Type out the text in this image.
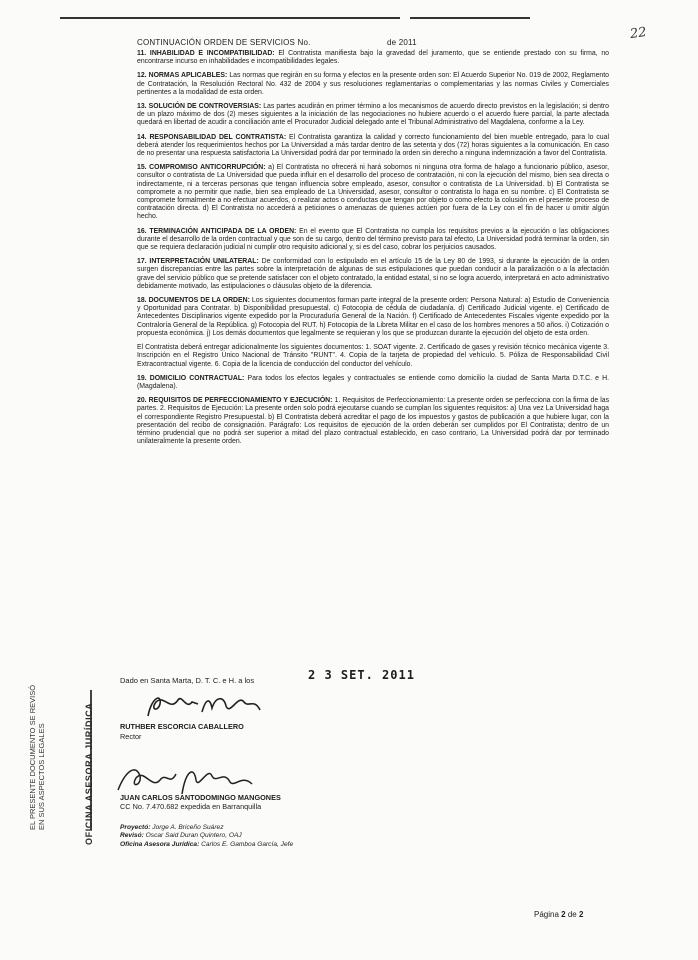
22
CONTINUACIÓN ORDEN DE SERVICIOS No.	de 2011

11. INHABILIDAD E INCOMPATIBILIDAD: El Contratista manifiesta bajo la gravedad del juramento, que se entiende prestado con su firma, no encontrarse incurso en inhabilidades e incompatibilidades legales.

12. NORMAS APLICABLES: Las normas que regirán en su forma y efectos en la presente orden son: El Acuerdo Superior No. 019 de 2002, Reglamento de Contratación, la Resolución Rectoral No. 432 de 2004 y sus resoluciones reglamentarias o complementarias y las normas Civiles y Comerciales pertinentes a la modalidad de esta orden.

13. SOLUCIÓN DE CONTROVERSIAS: Las partes acudirán en primer término a los mecanismos de acuerdo directo previstos en la legislación; si dentro de un plazo máximo de dos (2) meses siguientes a la iniciación de las negociaciones no hubiere acuerdo o el acuerdo fuere parcial, la parte afectada quedará en libertad de acudir a conciliación ante el Procurador Judicial delegado ante el Tribunal Administrativo del Magdalena, conforme a la Ley.

14. RESPONSABILIDAD DEL CONTRATISTA: El Contratista garantiza la calidad y correcto funcionamiento del bien mueble entregado, para lo cual deberá atender los requerimientos hechos por La Universidad a más tardar dentro de las setenta y dos (72) horas siguientes a la comunicación. En caso de no presentar una respuesta satisfactoria La Universidad podrá dar por terminado la orden sin derecho a ninguna indemnización a favor del Contratista.

15. COMPROMISO ANTICORRUPCIÓN: a) El Contratista no ofrecerá ni hará sobornos ni ninguna otra forma de halago a funcionario público, asesor, consultor o contratista de La Universidad que pueda influir en el desarrollo del proceso de contratación, ni con la ejecución del mismo, bien sea directa o indirectamente, ni a terceras personas que tengan influencia sobre empleado, asesor, consultor o contratista de La Universidad. b) El Contratista se compromete a no permitir que nadie, bien sea empleado de La Universidad, asesor, consultor o contratista lo haga en su nombre. c) El Contratista se compromete formalmente a no efectuar acuerdos, o realizar actos o conductas que tengan por objeto o como efecto la colusión en el presente proceso de contratación directa. d) El Contratista no accederá a peticiones o amenazas de quienes actúen por fuera de la Ley con el fin de hacer u omitir algún hecho.

16. TERMINACIÓN ANTICIPADA DE LA ORDEN: En el evento que El Contratista no cumpla los requisitos previos a la ejecución o las obligaciones durante el desarrollo de la orden contractual y que son de su cargo, dentro del término previsto para tal efecto, La Universidad podrá terminar la orden, sin que se requiera declaración judicial ni cumplir otro requisito adicional y, si es del caso, cobrar los perjuicios causados.

17. INTERPRETACIÓN UNILATERAL: De conformidad con lo estipulado en el artículo 15 de la Ley 80 de 1993, si durante la ejecución de la orden surgen discrepancias entre las partes sobre la interpretación de algunas de sus estipulaciones que puedan conducir a la paralización o a la afectación grave del servicio público que se pretende satisfacer con el objeto contratado, la entidad estatal, si no se logra acuerdo, interpretará en acto administrativo debidamente motivado, las estipulaciones o cláusulas objeto de la diferencia.

18. DOCUMENTOS DE LA ORDEN: Los siguientes documentos forman parte integral de la presente orden: Persona Natural: a) Estudio de Conveniencia y Oportunidad para Contratar. b) Disponibilidad presupuestal. c) Fotocopia de cédula de ciudadanía. d) Certificado Judicial vigente. e) Certificado de Antecedentes Disciplinarios vigente expedido por la Procuraduría General de la Nación. f) Certificado de Antecedentes Fiscales vigente expedido por la Contraloría General de la República. g) Fotocopia del RUT. h) Fotocopia de la Libreta Militar en el caso de los hombres menores a 50 años. i) Cotización o propuesta económica. j) Los demás documentos que legalmente se requieran y los que se produzcan durante la ejecución del objeto de esta orden.

El Contratista deberá entregar adicionalmente los siguientes documentos: 1. SOAT vigente. 2. Certificado de gases y revisión técnico mecánica vigente 3. Inscripción en el Registro Único Nacional de Tránsito "RUNT". 4. Copia de la tarjeta de propiedad del vehículo. 5. Póliza de Responsabilidad Civil Extracontractual vigente. 6. Copia de la licencia de conducción del conductor del vehículo.

19. DOMICILIO CONTRACTUAL: Para todos los efectos legales y contractuales se entiende como domicilio la ciudad de Santa Marta D.T.C. e H.(Magdalena).

20. REQUISITOS DE PERFECCIONAMIENTO Y EJECUCIÓN: 1. Requisitos de Perfeccionamiento: La presente orden se perfecciona con la firma de las partes. 2. Requisitos de Ejecución: La presente orden solo podrá ejecutarse cuando se cumplan los siguientes requisitos: a) Una vez La Universidad haga el correspondiente Registro Presupuestal. b) El Contratista deberá acreditar el pago de los impuestos y gastos de publicación a que hubiere lugar, con la presentación del recibo de consignación. Parágrafo: Los requisitos de ejecución de la orden deberán ser cumplidos por El Contratista; dentro de un término prudencial que no podrá ser superior a mitad del plazo contractual establecido, en caso contrario, La Universidad podrá dar por terminado unilateralmente la presente orden.

Dado en Santa Marta, D. T. C. e H. a los	2 3 SET. 2011
RUTHBER ESCORCIA CABALLERO
Rector
JUAN CARLOS SANTODOMINGO MANGONES
CC No. 7.470.682 expedida en Barranquilla
Proyectó: Jorge A. Briceño Suárez
Revisó: Oscar Said Duran Quintero, OAJ
Oficina Asesora Jurídica: Carlos E. Gamboa García, Jefe
EL PRESENTE DOCUMENTO SE REVISÓ EN SUS ASPECTOS LEGALES	OFICINA ASESORA JURÍDICA
Página 2 de 2
